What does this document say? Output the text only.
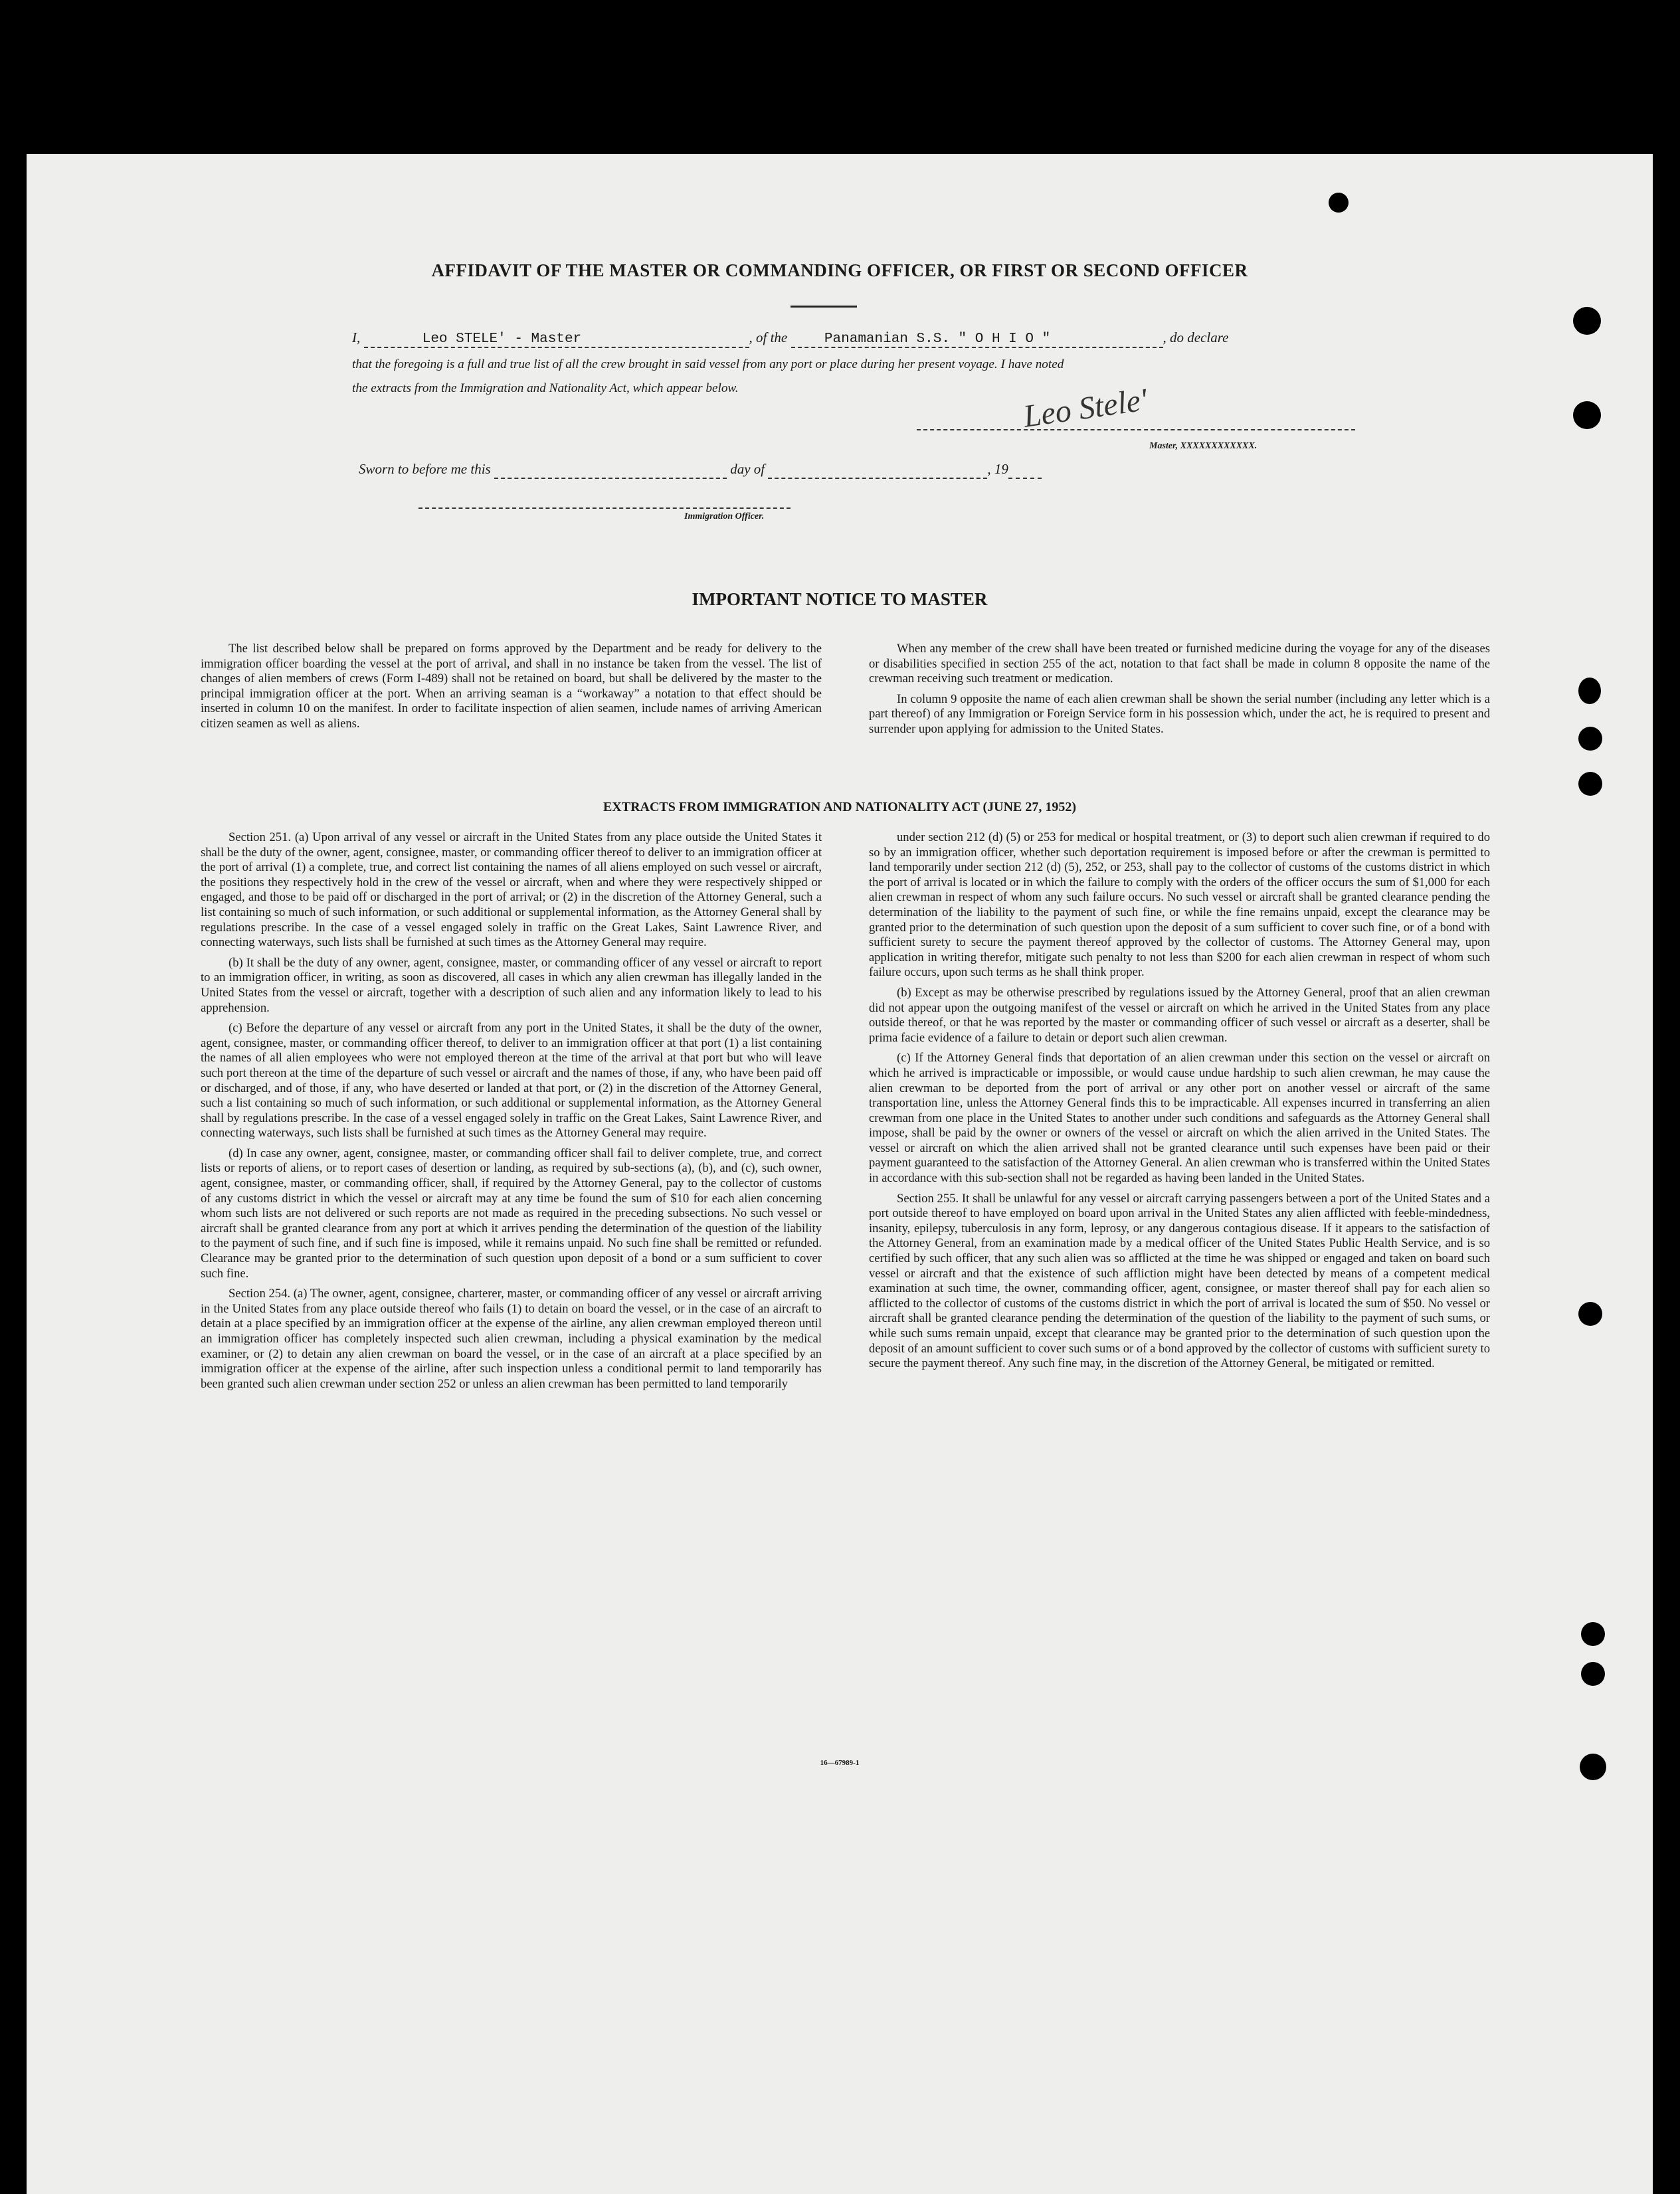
AFFIDAVIT OF THE MASTER OR COMMANDING OFFICER, OR FIRST OR SECOND OFFICER
I,	Leo STELE' - Master	, of the	Panamanian S.S. " O H I O "	, do declare
that the foregoing is a full and true list of all the crew brought in said vessel from any port or place during her present voyage. I have noted
the extracts from the Immigration and Nationality Act, which appear below.	Leo Stele'
Master, XXXXXXXXXXXX.
Sworn to before me this	day of	, 19
Immigration Officer.
IMPORTANT NOTICE TO MASTER

The list described below shall be prepared on forms approved by the Department and be ready for delivery to the immigration officer boarding the vessel at the port of arrival, and shall in no instance be taken from the vessel. The list of changes of alien members of crews (Form I-489) shall not be retained on board, but shall be delivered by the master to the principal immigration officer at the port. When an arriving seaman is a “workaway” a notation to that effect should be inserted in column 10 on the manifest. In order to facilitate inspection of alien seamen, include names of arriving American citizen seamen as well as aliens.

When any member of the crew shall have been treated or furnished medicine during the voyage for any of the diseases or disabilities specified in section 255 of the act, notation to that fact shall be made in column 8 opposite the name of the crewman receiving such treatment or medication.

In column 9 opposite the name of each alien crewman shall be shown the serial number (including any letter which is a part thereof) of any Immigration or Foreign Service form in his possession which, under the act, he is required to present and surrender upon applying for admission to the United States.

EXTRACTS FROM IMMIGRATION AND NATIONALITY ACT (JUNE 27, 1952)

Section 251. (a) Upon arrival of any vessel or aircraft in the United States from any place outside the United States it shall be the duty of the owner, agent, consignee, master, or commanding officer thereof to deliver to an immigration officer at the port of arrival (1) a complete, true, and correct list containing the names of all aliens employed on such vessel or aircraft, the positions they respectively hold in the crew of the vessel or aircraft, when and where they were respectively shipped or engaged, and those to be paid off or discharged in the port of arrival; or (2) in the discretion of the Attorney General, such a list containing so much of such information, or such additional or supplemental information, as the Attorney General shall by regulations prescribe. In the case of a vessel engaged solely in traffic on the Great Lakes, Saint Lawrence River, and connecting waterways, such lists shall be furnished at such times as the Attorney General may require.

(b) It shall be the duty of any owner, agent, consignee, master, or commanding officer of any vessel or aircraft to report to an immigration officer, in writing, as soon as discovered, all cases in which any alien crewman has illegally landed in the United States from the vessel or aircraft, together with a description of such alien and any information likely to lead to his apprehension.

(c) Before the departure of any vessel or aircraft from any port in the United States, it shall be the duty of the owner, agent, consignee, master, or commanding officer thereof, to deliver to an immigration officer at that port (1) a list containing the names of all alien employees who were not employed thereon at the time of the arrival at that port but who will leave such port thereon at the time of the departure of such vessel or aircraft and the names of those, if any, who have been paid off or discharged, and of those, if any, who have deserted or landed at that port, or (2) in the discretion of the Attorney General, such a list containing so much of such information, or such additional or supplemental information, as the Attorney General shall by regulations prescribe. In the case of a vessel engaged solely in traffic on the Great Lakes, Saint Lawrence River, and connecting waterways, such lists shall be furnished at such times as the Attorney General may require.

(d) In case any owner, agent, consignee, master, or commanding officer shall fail to deliver complete, true, and correct lists or reports of aliens, or to report cases of desertion or landing, as required by sub-sections (a), (b), and (c), such owner, agent, consignee, master, or commanding officer, shall, if required by the Attorney General, pay to the collector of customs of any customs district in which the vessel or aircraft may at any time be found the sum of $10 for each alien concerning whom such lists are not delivered or such reports are not made as required in the preceding subsections. No such vessel or aircraft shall be granted clearance from any port at which it arrives pending the determination of the question of the liability to the payment of such fine, and if such fine is imposed, while it remains unpaid. No such fine shall be remitted or refunded. Clearance may be granted prior to the determination of such question upon deposit of a bond or a sum sufficient to cover such fine.

Section 254. (a) The owner, agent, consignee, charterer, master, or commanding officer of any vessel or aircraft arriving in the United States from any place outside thereof who fails (1) to detain on board the vessel, or in the case of an aircraft to detain at a place specified by an immigration officer at the expense of the airline, any alien crewman employed thereon until an immigration officer has completely inspected such alien crewman, including a physical examination by the medical examiner, or (2) to detain any alien crewman on board the vessel, or in the case of an aircraft at a place specified by an immigration officer at the expense of the airline, after such inspection unless a conditional permit to land temporarily has been granted such alien crewman under section 252 or unless an alien crewman has been permitted to land temporarily

under section 212 (d) (5) or 253 for medical or hospital treatment, or (3) to deport such alien crewman if required to do so by an immigration officer, whether such deportation requirement is imposed before or after the crewman is permitted to land temporarily under section 212 (d) (5), 252, or 253, shall pay to the collector of customs of the customs district in which the port of arrival is located or in which the failure to comply with the orders of the officer occurs the sum of $1,000 for each alien crewman in respect of whom any such failure occurs. No such vessel or aircraft shall be granted clearance pending the determination of the liability to the payment of such fine, or while the fine remains unpaid, except the clearance may be granted prior to the determination of such question upon the deposit of a sum sufficient to cover such fine, or of a bond with sufficient surety to secure the payment thereof approved by the collector of customs. The Attorney General may, upon application in writing therefor, mitigate such penalty to not less than $200 for each alien crewman in respect of whom such failure occurs, upon such terms as he shall think proper.

(b) Except as may be otherwise prescribed by regulations issued by the Attorney General, proof that an alien crewman did not appear upon the outgoing manifest of the vessel or aircraft on which he arrived in the United States from any place outside thereof, or that he was reported by the master or commanding officer of such vessel or aircraft as a deserter, shall be prima facie evidence of a failure to detain or deport such alien crewman.

(c) If the Attorney General finds that deportation of an alien crewman under this section on the vessel or aircraft on which he arrived is impracticable or impossible, or would cause undue hardship to such alien crewman, he may cause the alien crewman to be deported from the port of arrival or any other port on another vessel or aircraft of the same transportation line, unless the Attorney General finds this to be impracticable. All expenses incurred in transferring an alien crewman from one place in the United States to another under such conditions and safeguards as the Attorney General shall impose, shall be paid by the owner or owners of the vessel or aircraft on which the alien arrived in the United States. The vessel or aircraft on which the alien arrived shall not be granted clearance until such expenses have been paid or their payment guaranteed to the satisfaction of the Attorney General. An alien crewman who is transferred within the United States in accordance with this sub-section shall not be regarded as having been landed in the United States.

Section 255. It shall be unlawful for any vessel or aircraft carrying passengers between a port of the United States and a port outside thereof to have employed on board upon arrival in the United States any alien afflicted with feeble-mindedness, insanity, epilepsy, tuberculosis in any form, leprosy, or any dangerous contagious disease. If it appears to the satisfaction of the Attorney General, from an examination made by a medical officer of the United States Public Health Service, and is so certified by such officer, that any such alien was so afflicted at the time he was shipped or engaged and taken on board such vessel or aircraft and that the existence of such affliction might have been detected by means of a competent medical examination at such time, the owner, commanding officer, agent, consignee, or master thereof shall pay for each alien so afflicted to the collector of customs of the customs district in which the port of arrival is located the sum of $50. No vessel or aircraft shall be granted clearance pending the determination of the question of the liability to the payment of such sums, or while such sums remain unpaid, except that clearance may be granted prior to the determination of such question upon the deposit of an amount sufficient to cover such sums or of a bond approved by the collector of customs with sufficient surety to secure the payment thereof. Any such fine may, in the discretion of the Attorney General, be mitigated or remitted.

16—67989-1
